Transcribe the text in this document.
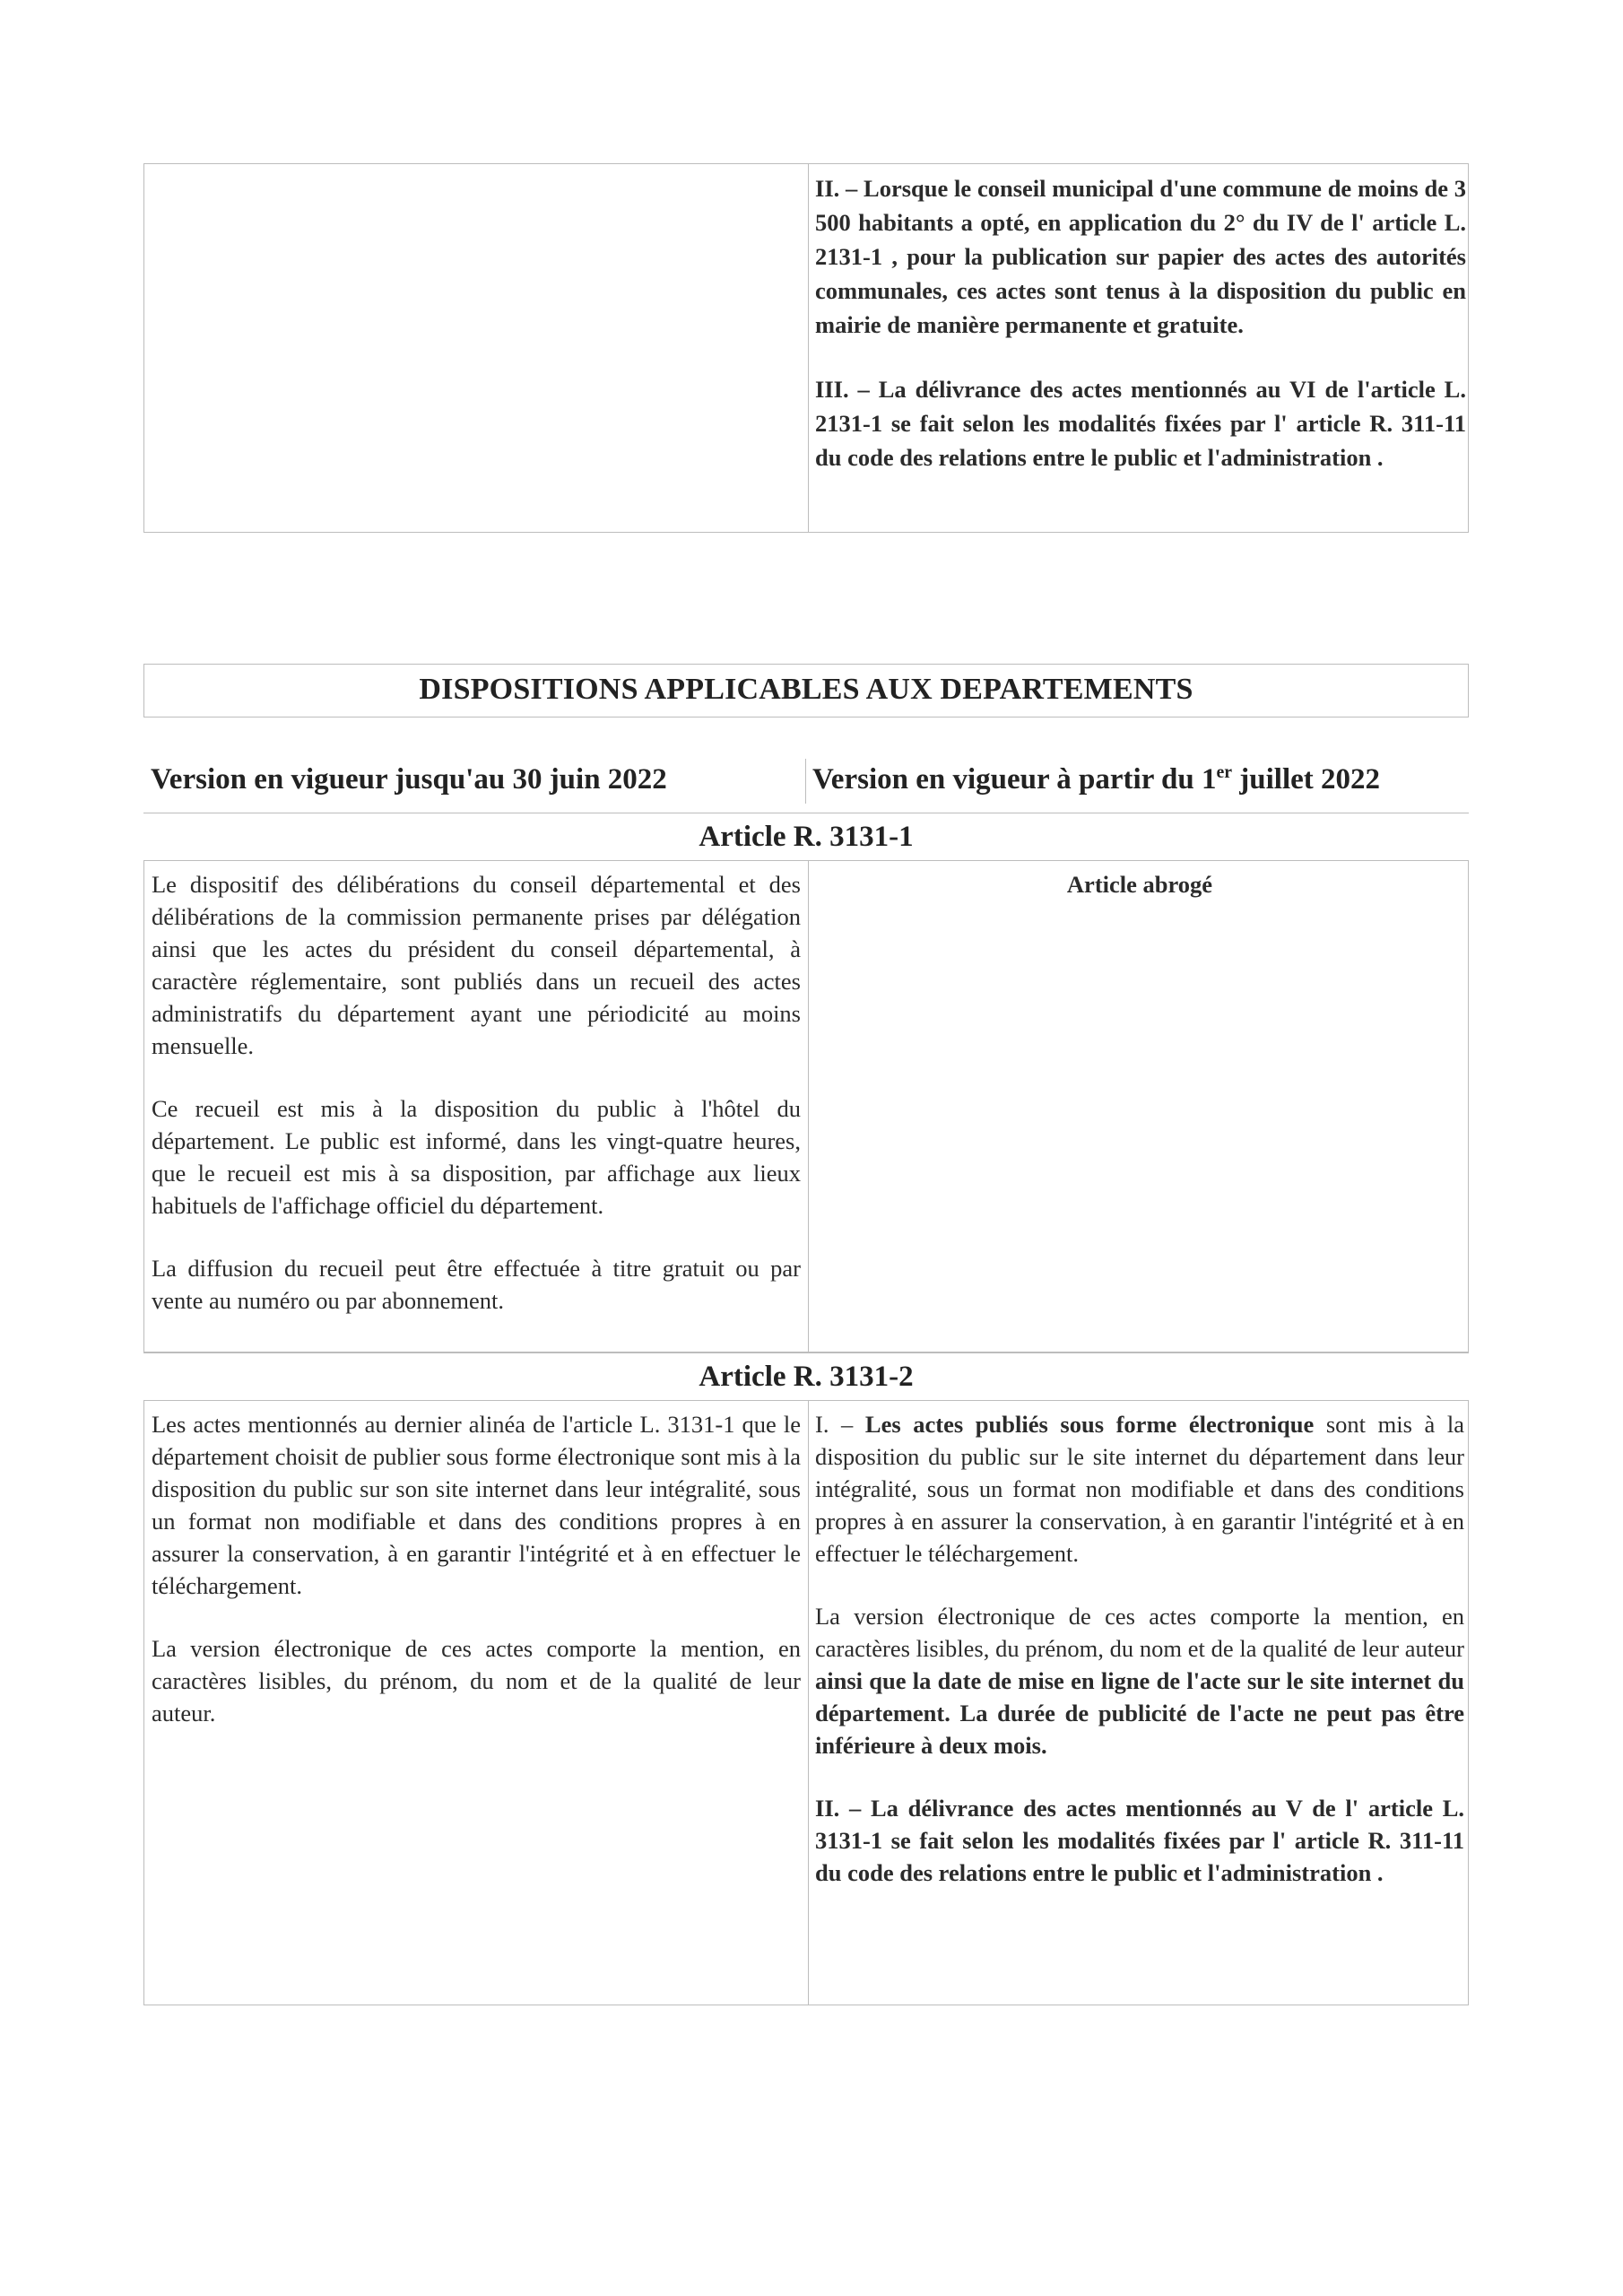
II. – Lorsque le conseil municipal d'une commune de moins de 3 500 habitants a opté, en application du 2° du IV de l' article L. 2131-1 , pour la publication sur papier des actes des autorités communales, ces actes sont tenus à la disposition du public en mairie de manière permanente et gratuite.

III. – La délivrance des actes mentionnés au VI de l'article L. 2131-1 se fait selon les modalités fixées par l' article R. 311-11 du code des relations entre le public et l'administration .

DISPOSITIONS APPLICABLES AUX DEPARTEMENTS
Version en vigueur jusqu'au 30 juin 2022	Version en vigueur à partir du 1er juillet 2022
Article R. 3131-1

Le dispositif des délibérations du conseil départemental et des délibérations de la commission permanente prises par délégation ainsi que les actes du président du conseil départemental, à caractère réglementaire, sont publiés dans un recueil des actes administratifs du département ayant une périodicité au moins mensuelle.

Ce recueil est mis à la disposition du public à l'hôtel du département. Le public est informé, dans les vingt-quatre heures, que le recueil est mis à sa disposition, par affichage aux lieux habituels de l'affichage officiel du département.

La diffusion du recueil peut être effectuée à titre gratuit ou par vente au numéro ou par abonnement.

Article abrogé

Article R. 3131-2

Les actes mentionnés au dernier alinéa de l'article L. 3131-1 que le département choisit de publier sous forme électronique sont mis à la disposition du public sur son site internet dans leur intégralité, sous un format non modifiable et dans des conditions propres à en assurer la conservation, à en garantir l'intégrité et à en effectuer le téléchargement.

La version électronique de ces actes comporte la mention, en caractères lisibles, du prénom, du nom et de la qualité de leur auteur.

I. – Les actes publiés sous forme électronique sont mis à la disposition du public sur le site internet du département dans leur intégralité, sous un format non modifiable et dans des conditions propres à en assurer la conservation, à en garantir l'intégrité et à en effectuer le téléchargement.

La version électronique de ces actes comporte la mention, en caractères lisibles, du prénom, du nom et de la qualité de leur auteur ainsi que la date de mise en ligne de l'acte sur le site internet du département. La durée de publicité de l'acte ne peut pas être inférieure à deux mois.

II. – La délivrance des actes mentionnés au V de l' article L. 3131-1 se fait selon les modalités fixées par l' article R. 311-11 du code des relations entre le public et l'administration .
